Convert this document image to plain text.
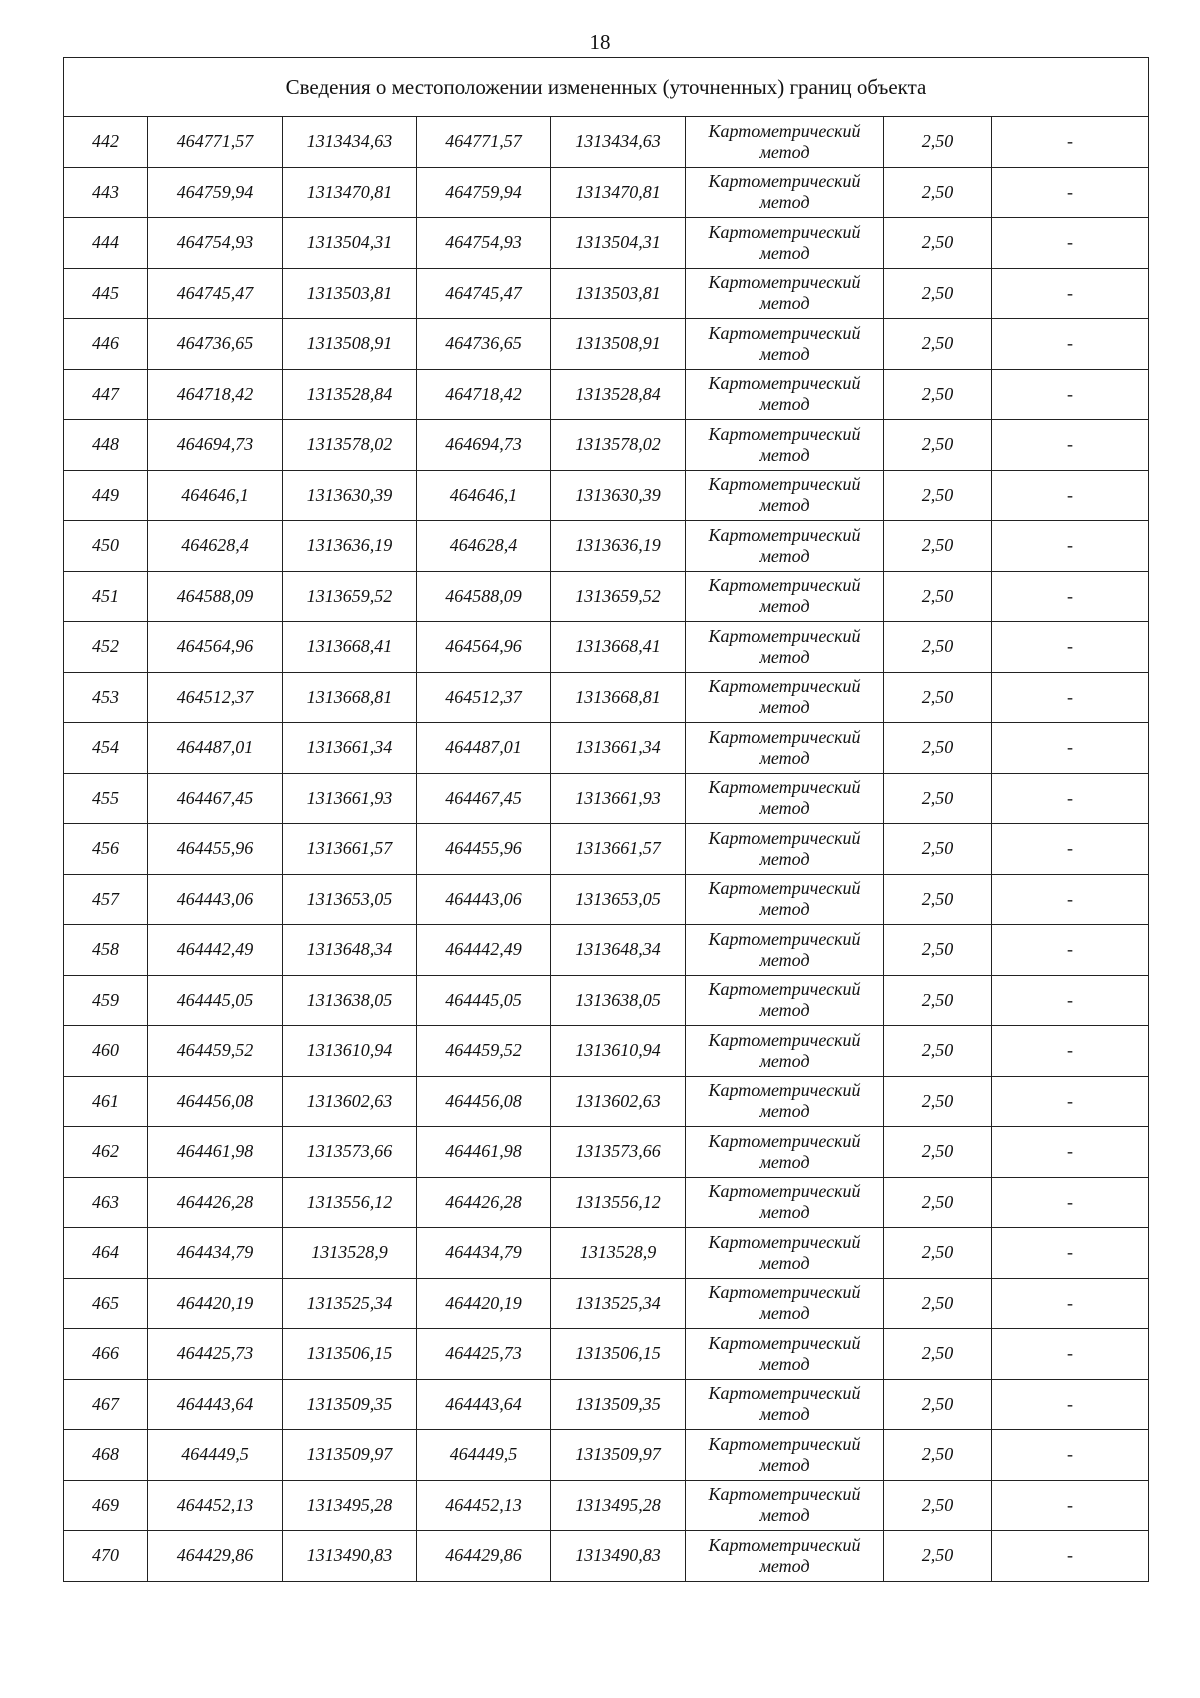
18
Сведения о местоположении измененных (уточненных) границ объекта							
442	464771,57	1313434,63	464771,57	1313434,63	Картометрический
метод	2,50	-
443	464759,94	1313470,81	464759,94	1313470,81	Картометрический
метод	2,50	-
444	464754,93	1313504,31	464754,93	1313504,31	Картометрический
метод	2,50	-
445	464745,47	1313503,81	464745,47	1313503,81	Картометрический
метод	2,50	-
446	464736,65	1313508,91	464736,65	1313508,91	Картометрический
метод	2,50	-
447	464718,42	1313528,84	464718,42	1313528,84	Картометрический
метод	2,50	-
448	464694,73	1313578,02	464694,73	1313578,02	Картометрический
метод	2,50	-
449	464646,1	1313630,39	464646,1	1313630,39	Картометрический
метод	2,50	-
450	464628,4	1313636,19	464628,4	1313636,19	Картометрический
метод	2,50	-
451	464588,09	1313659,52	464588,09	1313659,52	Картометрический
метод	2,50	-
452	464564,96	1313668,41	464564,96	1313668,41	Картометрический
метод	2,50	-
453	464512,37	1313668,81	464512,37	1313668,81	Картометрический
метод	2,50	-
454	464487,01	1313661,34	464487,01	1313661,34	Картометрический
метод	2,50	-
455	464467,45	1313661,93	464467,45	1313661,93	Картометрический
метод	2,50	-
456	464455,96	1313661,57	464455,96	1313661,57	Картометрический
метод	2,50	-
457	464443,06	1313653,05	464443,06	1313653,05	Картометрический
метод	2,50	-
458	464442,49	1313648,34	464442,49	1313648,34	Картометрический
метод	2,50	-
459	464445,05	1313638,05	464445,05	1313638,05	Картометрический
метод	2,50	-
460	464459,52	1313610,94	464459,52	1313610,94	Картометрический
метод	2,50	-
461	464456,08	1313602,63	464456,08	1313602,63	Картометрический
метод	2,50	-
462	464461,98	1313573,66	464461,98	1313573,66	Картометрический
метод	2,50	-
463	464426,28	1313556,12	464426,28	1313556,12	Картометрический
метод	2,50	-
464	464434,79	1313528,9	464434,79	1313528,9	Картометрический
метод	2,50	-
465	464420,19	1313525,34	464420,19	1313525,34	Картометрический
метод	2,50	-
466	464425,73	1313506,15	464425,73	1313506,15	Картометрический
метод	2,50	-
467	464443,64	1313509,35	464443,64	1313509,35	Картометрический
метод	2,50	-
468	464449,5	1313509,97	464449,5	1313509,97	Картометрический
метод	2,50	-
469	464452,13	1313495,28	464452,13	1313495,28	Картометрический
метод	2,50	-
470	464429,86	1313490,83	464429,86	1313490,83	Картометрический
метод	2,50	-
